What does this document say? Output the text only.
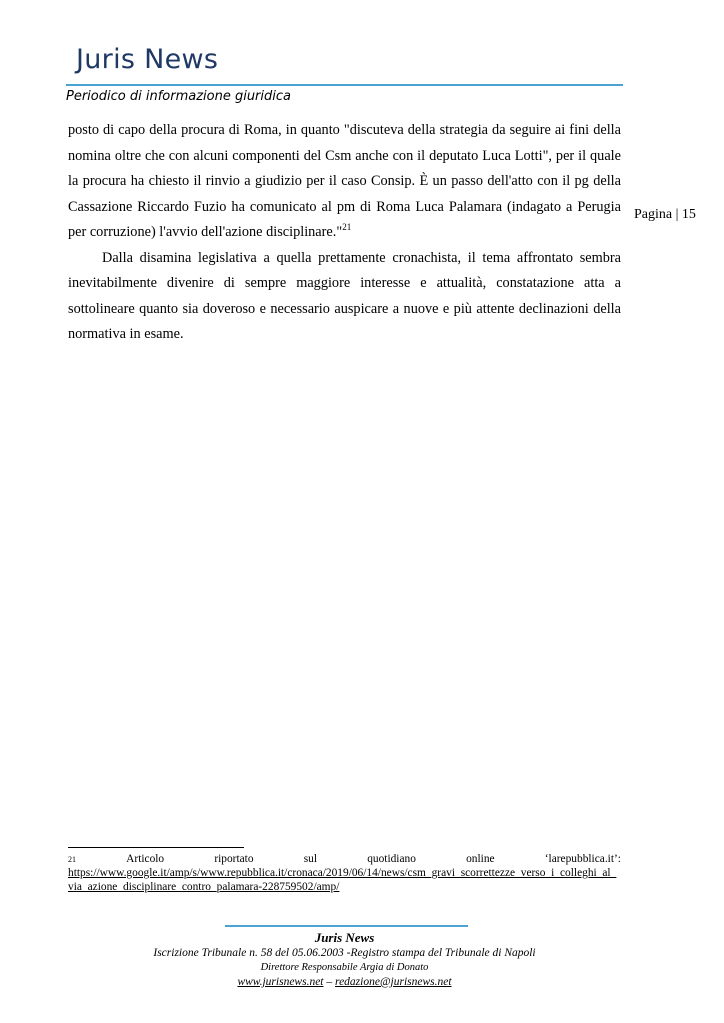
Juris News
Periodico di informazione giuridica
Pagina | 15

posto di capo della procura di Roma, in quanto "discuteva della strategia da seguire ai fini della nomina oltre che con alcuni componenti del Csm anche con il deputato Luca Lotti", per il quale la procura ha chiesto il rinvio a giudizio per il caso Consip. È un passo dell'atto con il pg della Cassazione Riccardo Fuzio ha comunicato al pm di Roma Luca Palamara (indagato a Perugia per corruzione) l'avvio dell'azione disciplinare."$^{21}$

Dalla disamina legislativa a quella prettamente cronachista, il tema affrontato sembra inevitabilmente divenire di sempre maggiore interesse e attualità, constatazione atta a sottolineare quanto sia doveroso e necessario auspicare a nuove e più attente declinazioni della normativa in esame.

21	Articolo	riportato	sul	quotidiano	online	‘larepubblica.it’:
https://www.google.it/amp/s/www.repubblica.it/cronaca/2019/06/14/news/csm_gravi_scorrettezze_verso_i_colleghi_al_via_azione_disciplinare_contro_palamara-228759502/amp/
Juris News
Iscrizione Tribunale n. 58 del 05.06.2003 -Registro stampa del Tribunale di Napoli
Direttore Responsabile Argia di Donato
www.jurisnews.net – redazione@jurisnews.net
